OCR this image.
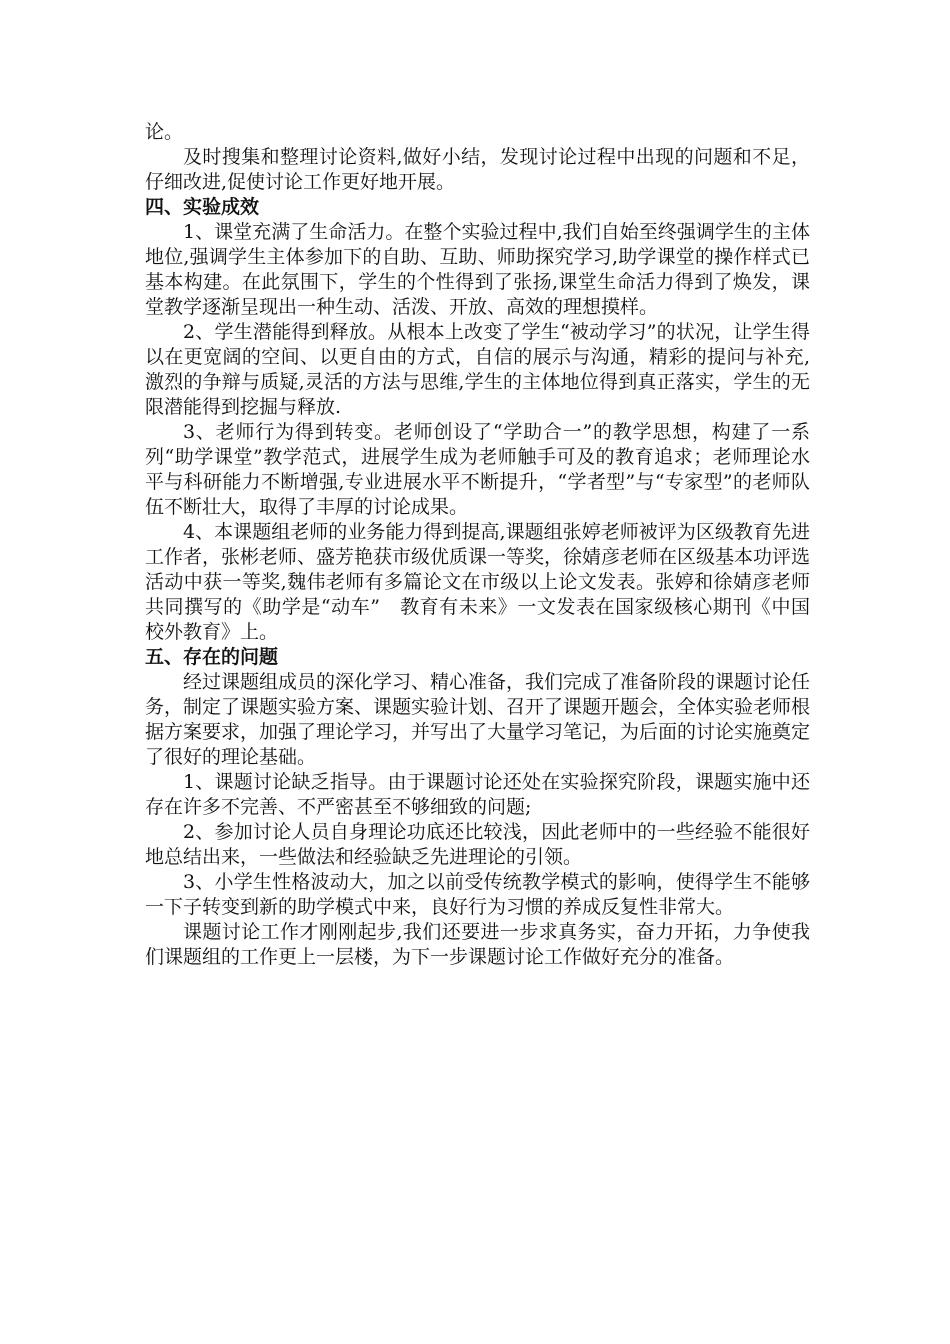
论。

及时搜集和整理讨论资料,做好小结，发现讨论过程中出现的问题和不足，仔细改进,促使讨论工作更好地开展。

四、实验成效

1、课堂充满了生命活力。在整个实验过程中,我们自始至终强调学生的主体地位,强调学生主体参加下的自助、互助、师助探究学习,助学课堂的操作样式已基本构建。在此氛围下，学生的个性得到了张扬,课堂生命活力得到了焕发，课堂教学逐渐呈现出一种生动、活泼、开放、高效的理想摸样。

2、学生潜能得到释放。从根本上改变了学生“被动学习”的状况，让学生得以在更宽阔的空间、以更自由的方式，自信的展示与沟通，精彩的提问与补充,激烈的争辩与质疑,灵活的方法与思维,学生的主体地位得到真正落实，学生的无限潜能得到挖掘与释放.

3、老师行为得到转变。老师创设了“学助合一”的教学思想，构建了一系列“助学课堂”教学范式，进展学生成为老师触手可及的教育追求；老师理论水平与科研能力不断增强,专业进展水平不断提升，“学者型”与“专家型”的老师队伍不断壮大，取得了丰厚的讨论成果。

4、本课题组老师的业务能力得到提高,课题组张婷老师被评为区级教育先进工作者，张彬老师、盛芳艳获市级优质课一等奖，徐婧彦老师在区级基本功评选活动中获一等奖,魏伟老师有多篇论文在市级以上论文发表。张婷和徐婧彦老师共同撰写的《助学是“动车”　教育有未来》一文发表在国家级核心期刊《中国校外教育》上。

五、存在的问题

经过课题组成员的深化学习、精心准备，我们完成了准备阶段的课题讨论任务，制定了课题实验方案、课题实验计划、召开了课题开题会，全体实验老师根据方案要求，加强了理论学习，并写出了大量学习笔记，为后面的讨论实施奠定了很好的理论基础。

1、课题讨论缺乏指导。由于课题讨论还处在实验探究阶段，课题实施中还存在许多不完善、不严密甚至不够细致的问题;

2、参加讨论人员自身理论功底还比较浅，因此老师中的一些经验不能很好地总结出来，一些做法和经验缺乏先进理论的引领。

3、小学生性格波动大，加之以前受传统教学模式的影响，使得学生不能够一下子转变到新的助学模式中来，良好行为习惯的养成反复性非常大。

课题讨论工作才刚刚起步,我们还要进一步求真务实，奋力开拓，力争使我们课题组的工作更上一层楼，为下一步课题讨论工作做好充分的准备。
